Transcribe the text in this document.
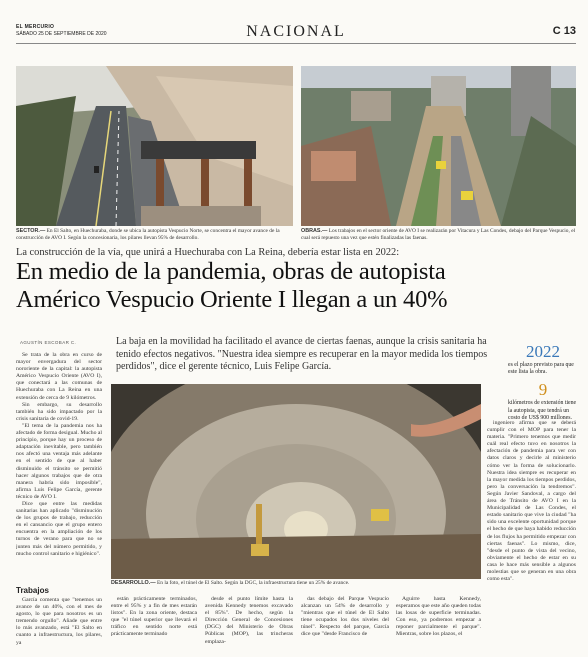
EL MERCURIO
SÁBADO 25 DE SEPTIEMBRE DE 2020	NACIONAL	C 13
SECTOR.— En El Salto, en Huechuraba, donde se ubica la autopista Vespucio Norte, se concentra el mayor avance de la construcción de AVO I. Según la concesionaria, los pilares llevan 95% de desarrollo.
OBRAS.— Los trabajos en el sector oriente de AVO I se realizarán por Vitacura y Las Condes, debajo del Parque Vespucio, el cual será repuesto una vez que estén finalizadas las faenas.
La construcción de la vía, que unirá a Huechuraba con La Reina, debería estar lista en 2022:
En medio de la pandemia, obras de autopista
Américo Vespucio Oriente I llegan a un 40%
AGUSTÍN ESCOBAR C.	La baja en la movilidad ha facilitado el avance de ciertas faenas, aunque la crisis sanitaria ha tenido efectos negativos. "Nuestra idea siempre es recuperar en la mayor medida los tiempos perdidos", dice el gerente técnico, Luis Felipe García.
2022
es el plazo previsto para que este lista la obra.
9
kilómetros de extensión tiene la autopista, que tendrá un costo de US$ 900 millones.

Se trata de la obra en curso de mayor envergadura del sector nororiente de la capital: la autopista Américo Vespucio Oriente (AVO I), que conectará a las comunas de Huechuraba con La Reina en una extensión de cerca de 9 kilómetros.

Sin embargo, su desarrollo también ha sido impactado por la crisis sanitaria de covid-19.

"El tema de la pandemia nos ha afectado de forma desigual. Mucho al principio, porque hay un proceso de adaptación inevitable, pero también nos afectó una ventaja más adelante en el sentido de que al haber disminuido el tránsito se permitió hacer algunos trabajos que de otra manera habría sido imposible", afirma Luis Felipe García, gerente técnico de AVO I.

Dice que entre las medidas sanitarias han aplicado "disminución de los grupos de trabajo, reducción en el cansancio que el grupo entero encuentra en la ampliación de los turnos de verano para que no se junten más del número permitido, y mucho control sanitario e higiénico".

Trabajos

García comenta que "tenemos un avance de un 40%, con el mes de agosto, lo que para nosotros es un tremendo orgullo". Añade que entre lo más avanzado, está "El Salto en cuanto a infraestructura, los pilares, ya

DESARROLLO.— En la foto, el túnel de El Salto. Según la DGC, la infraestructura tiene un 25% de avance.

ingeniero afirma que se deberá cumplir con el MOP para tener la materia. "Primero tenemos que medir cuál real efecto tuvo en nosotros la afectación de pandemia para ver con datos claros y decirle al ministerio cómo ver la forma de solucionarlo. Nuestra idea siempre es recuperar en la mayor medida los tiempos perdidos, pero la conversación la tendremos". Según Javier Sandoval, a cargo del área de Tránsito de AVO I en la Municipalidad de Las Condes, el estado sanitario que vive la ciudad "ha sido una excelente oportunidad porque el hecho de que haya habido reducción de los flujos ha permitido empezar con ciertas faenas". Lo mismo, dice, "desde el punto de vista del vecino, obviamente el hecho de estar en su casa le hace más sensible a algunos molestias que se generan en una obra como esta".

están prácticamente terminados, entre el 95% y a fin de mes estarán listos". En la zona oriente, destaca que "el túnel superior que llevará el tráfico en sentido norte está prácticamente terminado

desde el punto límite hasta la avenida Kennedy tenemos excavado el 85%". De hecho, según la Dirección General de Concesiones (DGC) del Ministerio de Obras Públicas (MOP), las trincheras emplaza-

das debajo del Parque Vespucio alcanzan un 54% de desarrollo y "mientras que el túnel de El Salto tiene ocupados los dos niveles del túnel". Respecto del parque, García dice que "desde Francisco de

Aguirre hasta Kennedy, esperamos que este año queden todas las losas de superficie terminadas. Con eso, ya podremos empezar a reponer parcialmente el parque". Mientras, sobre los plazos, el
